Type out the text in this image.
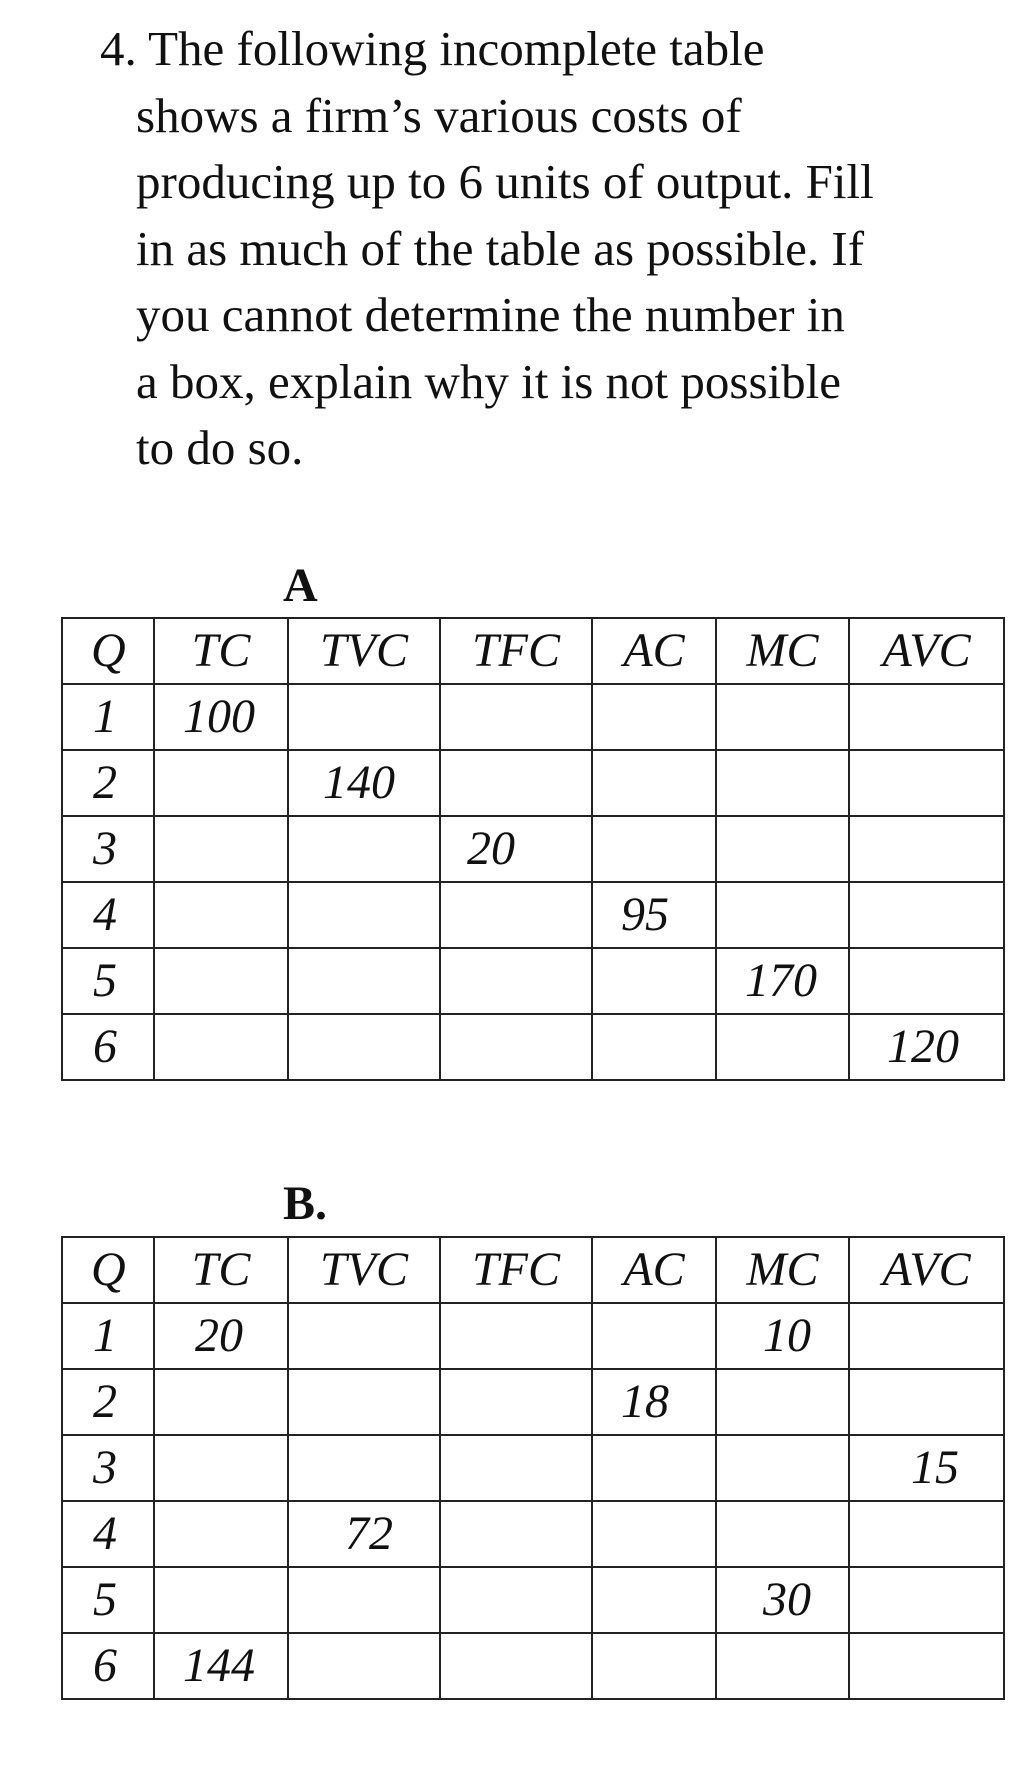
4. The following incomplete table
shows a firm’s various costs of
producing up to 6 units of output. Fill
in as much of the table as possible. If
you cannot determine the number in
a box, explain why it is not possible
to do so.
A
Q	TC	TVC	TFC	AC	MC	AVC
1	100					
2		140				
3			20			
4				95		
5					170	
6						120
B.
Q	TC	TVC	TFC	AC	MC	AVC
1	20				10	
2				18		
3						15
4		72				
5					30	
6	144					
